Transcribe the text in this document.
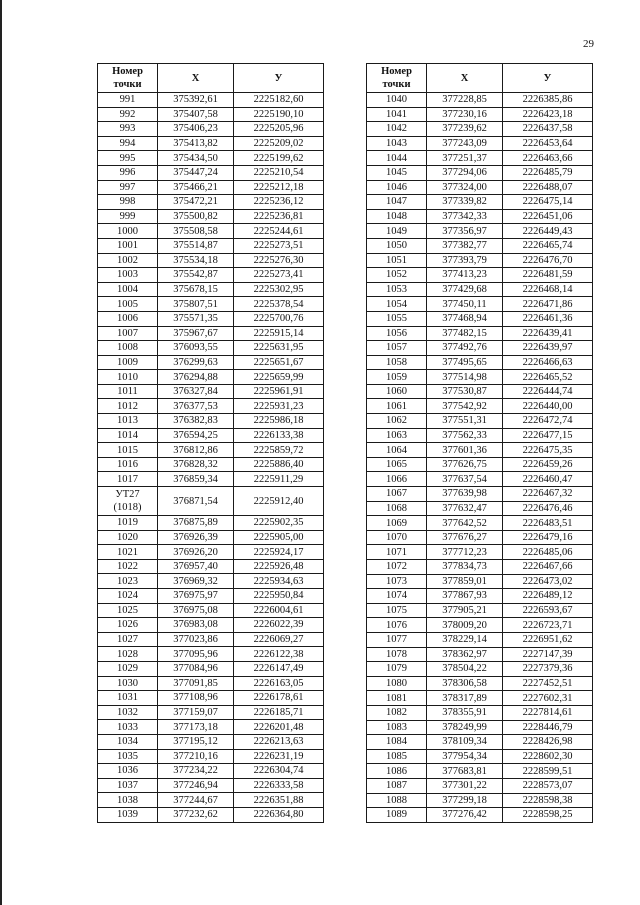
29
Номер
точки	Х	У
991	375392,61	2225182,60
992	375407,58	2225190,10
993	375406,23	2225205,96
994	375413,82	2225209,02
995	375434,50	2225199,62
996	375447,24	2225210,54
997	375466,21	2225212,18
998	375472,21	2225236,12
999	375500,82	2225236,81
1000	375508,58	2225244,61
1001	375514,87	2225273,51
1002	375534,18	2225276,30
1003	375542,87	2225273,41
1004	375678,15	2225302,95
1005	375807,51	2225378,54
1006	375571,35	2225700,76
1007	375967,67	2225915,14
1008	376093,55	2225631,95
1009	376299,63	2225651,67
1010	376294,88	2225659,99
1011	376327,84	2225961,91
1012	376377,53	2225931,23
1013	376382,83	2225986,18
1014	376594,25	2226133,38
1015	376812,86	2225859,72
1016	376828,32	2225886,40
1017	376859,34	2225911,29

УТ27
(1018)	376871,54	2225912,40
1019	376875,89	2225902,35
1020	376926,39	2225905,00
1021	376926,20	2225924,17
1022	376957,40	2225926,48
1023	376969,32	2225934,63
1024	376975,97	2225950,84
1025	376975,08	2226004,61
1026	376983,08	2226022,39
1027	377023,86	2226069,27
1028	377095,96	2226122,38
1029	377084,96	2226147,49
1030	377091,85	2226163,05
1031	377108,96	2226178,61
1032	377159,07	2226185,71
1033	377173,18	2226201,48
1034	377195,12	2226213,63
1035	377210,16	2226231,19
1036	377234,22	2226304,74
1037	377246,94	2226333,58
1038	377244,67	2226351,88
1039	377232,62	2226364,80
Номер
точки	Х	У
1040	377228,85	2226385,86
1041	377230,16	2226423,18
1042	377239,62	2226437,58
1043	377243,09	2226453,64
1044	377251,37	2226463,66
1045	377294,06	2226485,79
1046	377324,00	2226488,07
1047	377339,82	2226475,14
1048	377342,33	2226451,06
1049	377356,97	2226449,43
1050	377382,77	2226465,74
1051	377393,79	2226476,70
1052	377413,23	2226481,59
1053	377429,68	2226468,14
1054	377450,11	2226471,86
1055	377468,94	2226461,36
1056	377482,15	2226439,41
1057	377492,76	2226439,97
1058	377495,65	2226466,63
1059	377514,98	2226465,52
1060	377530,87	2226444,74
1061	377542,92	2226440,00
1062	377551,31	2226472,74
1063	377562,33	2226477,15
1064	377601,36	2226475,35
1065	377626,75	2226459,26
1066	377637,54	2226460,47
1067	377639,98	2226467,32
1068	377632,47	2226476,46
1069	377642,52	2226483,51
1070	377676,27	2226479,16
1071	377712,23	2226485,06
1072	377834,73	2226467,66
1073	377859,01	2226473,02
1074	377867,93	2226489,12
1075	377905,21	2226593,67
1076	378009,20	2226723,71
1077	378229,14	2226951,62
1078	378362,97	2227147,39
1079	378504,22	2227379,36
1080	378306,58	2227452,51
1081	378317,89	2227602,31
1082	378355,91	2227814,61
1083	378249,99	2228446,79
1084	378109,34	2228426,98
1085	377954,34	2228602,30
1086	377683,81	2228599,51
1087	377301,22	2228573,07
1088	377299,18	2228598,38
1089	377276,42	2228598,25
